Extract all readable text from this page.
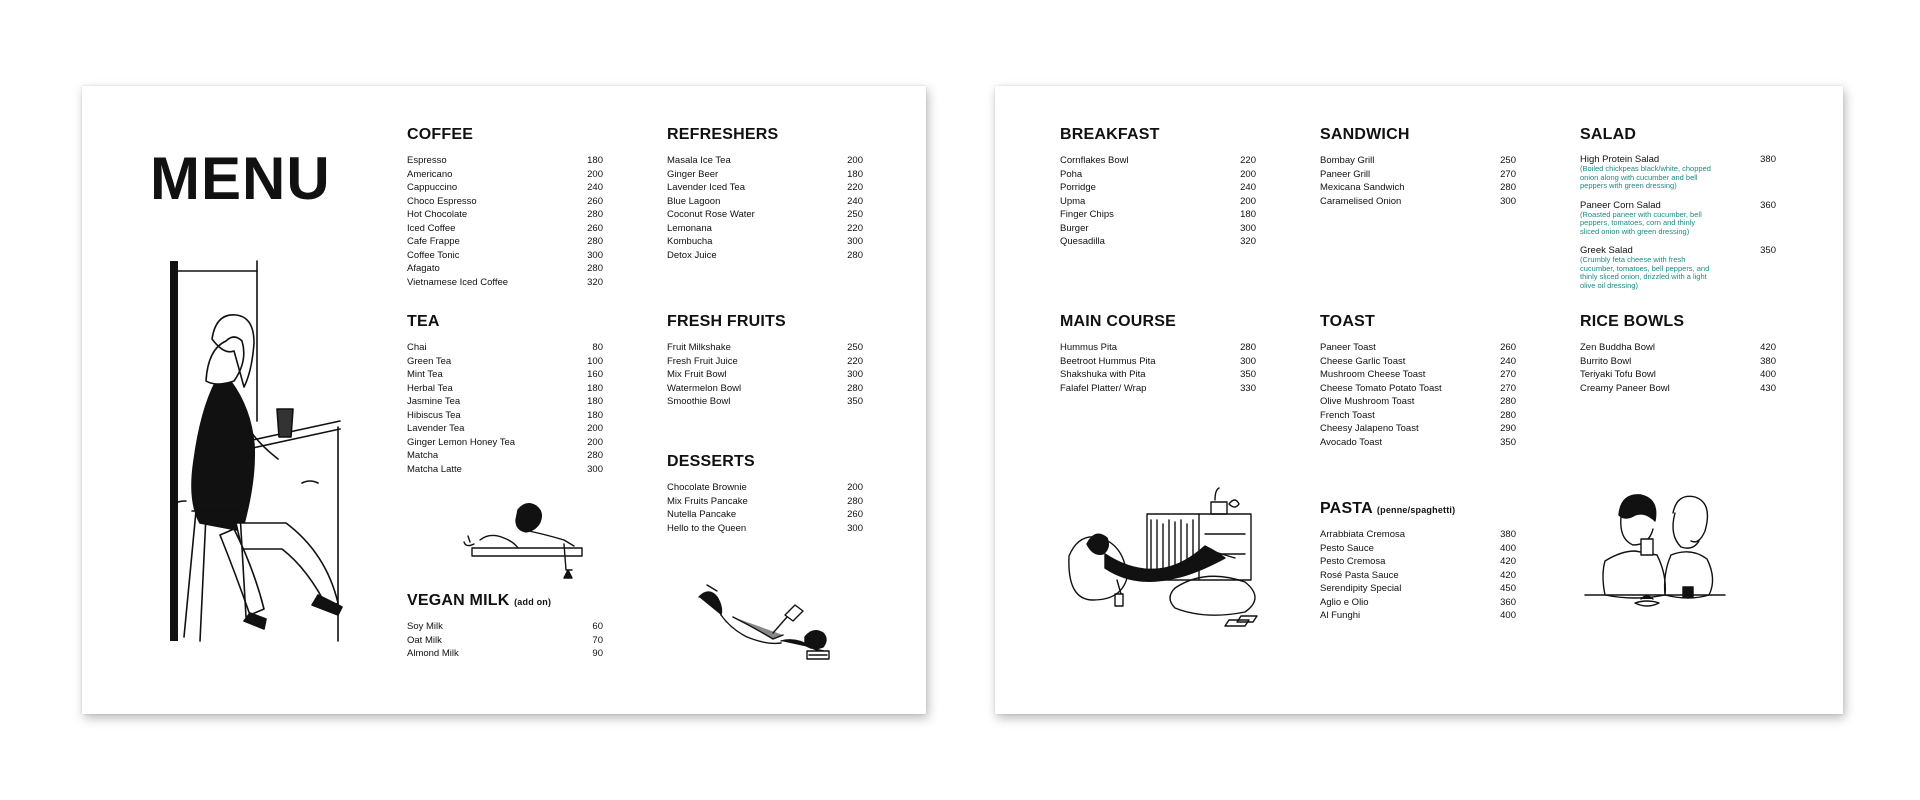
MENU
COFFEE
Espresso	180
Americano	200
Cappuccino	240
Choco Espresso	260
Hot Chocolate	280
Iced Coffee	260
Cafe Frappe	280
Coffee Tonic	300
Afagato	280
Vietnamese Iced Coffee	320
REFRESHERS
Masala Ice Tea	200
Ginger Beer	180
Lavender Iced Tea	220
Blue Lagoon	240
Coconut Rose Water	250
Lemonana	220
Kombucha	300
Detox Juice	280
TEA
Chai	80
Green Tea	100
Mint Tea	160
Herbal Tea	180
Jasmine Tea	180
Hibiscus Tea	180
Lavender Tea	200
Ginger Lemon Honey Tea	200
Matcha	280
Matcha Latte	300
FRESH FRUITS
Fruit Milkshake	250
Fresh Fruit Juice	220
Mix Fruit Bowl	300
Watermelon Bowl	280
Smoothie Bowl	350
DESSERTS
Chocolate Brownie	200
Mix Fruits Pancake	280
Nutella Pancake	260
Hello to the Queen	300
VEGAN MILK (add on)
Soy Milk	60
Oat Milk	70
Almond Milk	90
BREAKFAST
Cornflakes Bowl	220
Poha	200
Porridge	240
Upma	200
Finger Chips	180
Burger	300
Quesadilla	320
SANDWICH
Bombay Grill	250
Paneer Grill	270
Mexicana Sandwich	280
Caramelised Onion	300
SALAD
High Protein Salad	380
(Boiled chickpeas black/white, chopped onion along with cucumber and bell peppers with green dressing)
Paneer Corn Salad	360
(Roasted paneer with cucumber, bell peppers, tomatoes, corn and thinly sliced onion with green dressing)
Greek Salad	350
(Crumbly feta cheese with fresh cucumber, tomatoes, bell peppers, and thinly sliced onion, drizzled with a light olive oil dressing)
MAIN COURSE
Hummus Pita	280
Beetroot Hummus Pita	300
Shakshuka with Pita	350
Falafel Platter/ Wrap	330
TOAST
Paneer Toast	260
Cheese Garlic Toast	240
Mushroom Cheese Toast	270
Cheese Tomato Potato Toast	270
Olive Mushroom Toast	280
French Toast	280
Cheesy Jalapeno Toast	290
Avocado Toast	350
RICE BOWLS
Zen Buddha Bowl	420
Burrito Bowl	380
Teriyaki Tofu Bowl	400
Creamy Paneer Bowl	430
PASTA (penne/spaghetti)
Arrabbiata Cremosa	380
Pesto Sauce	400
Pesto Cremosa	420
Rosé Pasta Sauce	420
Serendipity Special	450
Aglio e Olio	360
Al Funghi	400
